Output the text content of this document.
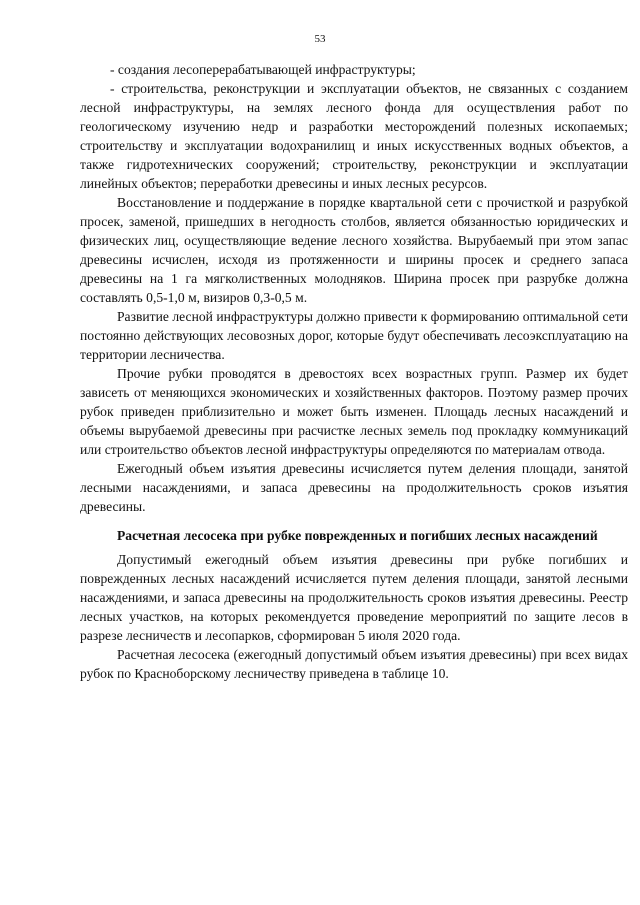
53

- создания лесоперерабатывающей инфраструктуры;

- строительства, реконструкции и эксплуатации объектов, не связанных с созданием лесной инфраструктуры, на землях лесного фонда для осуществления работ по геологическому изучению недр и разработки месторождений полезных ископаемых; строительству и эксплуатации водохранилищ и иных искусственных водных объектов, а также гидротехнических сооружений; строительству, реконструкции и эксплуатации линейных объектов; переработки древесины и иных лесных ресурсов.

Восстановление и поддержание в порядке квартальной сети с прочисткой и разрубкой просек, заменой, пришедших в негодность столбов, является обязанностью юридических и физических лиц, осуществляющие ведение лесного хозяйства. Вырубаемый при этом запас древесины исчислен, исходя из протяженности и ширины просек и среднего запаса древесины на 1 га мягколиственных молодняков. Ширина просек при разрубке должна составлять 0,5-1,0 м, визиров 0,3-0,5 м.

Развитие лесной инфраструктуры должно привести к формированию оптимальной сети постоянно действующих лесовозных дорог, которые будут обеспечивать лесоэксплуатацию на территории лесничества.

Прочие рубки проводятся в древостоях всех возрастных групп. Размер их будет зависеть от меняющихся экономических и хозяйственных факторов. Поэтому размер прочих рубок приведен приблизительно и может быть изменен. Площадь лесных насаждений и объемы вырубаемой древесины при расчистке лесных земель под прокладку коммуникаций или строительство объектов лесной инфраструктуры определяются по материалам отвода.

Ежегодный объем изъятия древесины исчисляется путем деления площади, занятой лесными насаждениями, и запаса древесины на продолжительность сроков изъятия древесины.

Расчетная лесосека при рубке поврежденных и погибших лесных насаждений

Допустимый ежегодный объем изъятия древесины при рубке погибших и поврежденных лесных насаждений исчисляется путем деления площади, занятой лесными насаждениями, и запаса древесины на продолжительность сроков изъятия древесины. Реестр лесных участков, на которых рекомендуется проведение мероприятий по защите лесов в разрезе лесничеств и лесопарков, сформирован 5 июля 2020 года.

Расчетная лесосека (ежегодный допустимый объем изъятия древесины) при всех видах рубок по Красноборскому лесничеству приведена в таблице 10.
